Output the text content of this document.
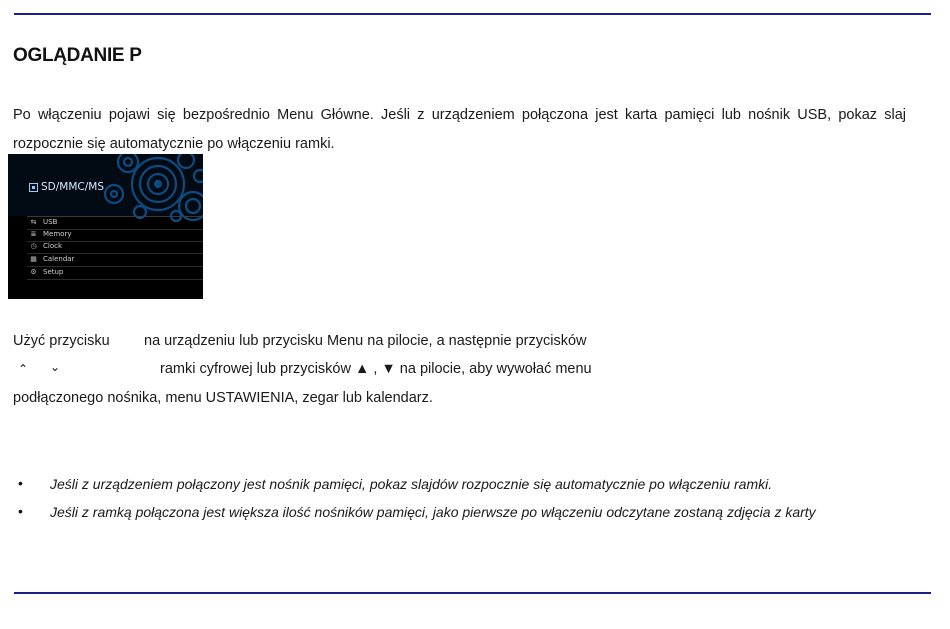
OGLĄDANIE P
Po włączeniu pojawi się bezpośrednio Menu Główne. Jeśli z urządzeniem połączona jest karta pamięci lub nośnik USB, pokaz slaj rozpocznie się automatycznie po włączeniu ramki.
SD/MMC/MS
⇆ USB
≣ Memory
◷ Clock
▦ Calendar
⚙ Setup
Użyć przycisku na urządzeniu lub przycisku Menu na pilocie, a następnie przycisków
⌃ ⌄	ramki cyfrowej lub przycisków ▲ , ▼ na pilocie, aby wywołać menu
podłączonego nośnika, menu USTAWIENIA, zegar lub kalendarz.
• Jeśli z urządzeniem połączony jest nośnik pamięci, pokaz slajdów rozpocznie się automatycznie po włączeniu ramki.
• Jeśli z ramką połączona jest większa ilość nośników pamięci, jako pierwsze po włączeniu odczytane zostaną zdjęcia z karty
